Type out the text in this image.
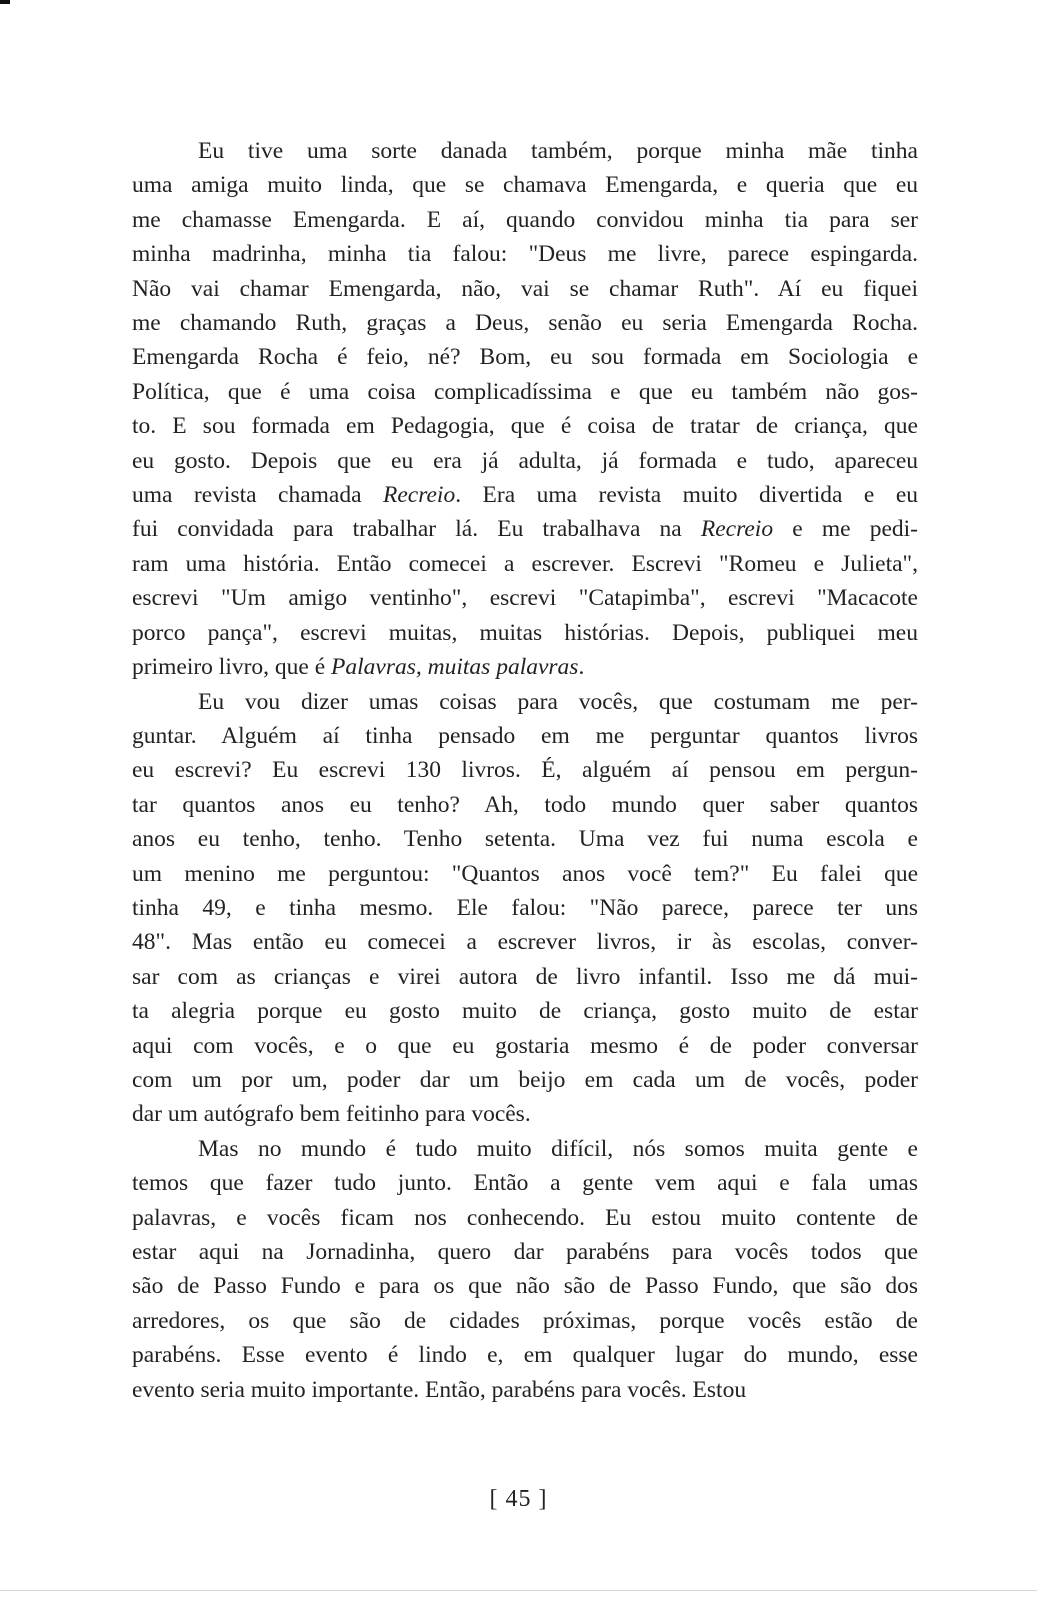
Eu tive uma sorte danada também, porque minha mãe tinha
uma amiga muito linda, que se chamava Emengarda, e queria que eu
me chamasse Emengarda. E aí, quando convidou minha tia para ser
minha madrinha, minha tia falou: "Deus me livre, parece espingarda.
Não vai chamar Emengarda, não, vai se chamar Ruth". Aí eu fiquei
me chamando Ruth, graças a Deus, senão eu seria Emengarda Rocha.
Emengarda Rocha é feio, né? Bom, eu sou formada em Sociologia e
Política, que é uma coisa complicadíssima e que eu também não gos-
to. E sou formada em Pedagogia, que é coisa de tratar de criança, que
eu gosto. Depois que eu era já adulta, já formada e tudo, apareceu
uma revista chamada Recreio. Era uma revista muito divertida e eu
fui convidada para trabalhar lá. Eu trabalhava na Recreio e me pedi-
ram uma história. Então comecei a escrever. Escrevi "Romeu e Julieta",
escrevi "Um amigo ventinho", escrevi "Catapimba", escrevi "Macacote
porco pança", escrevi muitas, muitas histórias. Depois, publiquei meu
primeiro livro, que é Palavras, muitas palavras.

Eu vou dizer umas coisas para vocês, que costumam me per-
guntar. Alguém aí tinha pensado em me perguntar quantos livros
eu escrevi? Eu escrevi 130 livros. É, alguém aí pensou em pergun-
tar quantos anos eu tenho? Ah, todo mundo quer saber quantos
anos eu tenho, tenho. Tenho setenta. Uma vez fui numa escola e
um menino me perguntou: "Quantos anos você tem?" Eu falei que
tinha 49, e tinha mesmo. Ele falou: "Não parece, parece ter uns
48". Mas então eu comecei a escrever livros, ir às escolas, conver-
sar com as crianças e virei autora de livro infantil. Isso me dá mui-
ta alegria porque eu gosto muito de criança, gosto muito de estar
aqui com vocês, e o que eu gostaria mesmo é de poder conversar
com um por um, poder dar um beijo em cada um de vocês, poder
dar um autógrafo bem feitinho para vocês.

Mas no mundo é tudo muito difícil, nós somos muita gente e
temos que fazer tudo junto. Então a gente vem aqui e fala umas
palavras, e vocês ficam nos conhecendo. Eu estou muito contente de
estar aqui na Jornadinha, quero dar parabéns para vocês todos que
são de Passo Fundo e para os que não são de Passo Fundo, que são dos
arredores, os que são de cidades próximas, porque vocês estão de
parabéns. Esse evento é lindo e, em qualquer lugar do mundo, esse
evento seria muito importante. Então, parabéns para vocês. Estou

[ 45 ]
